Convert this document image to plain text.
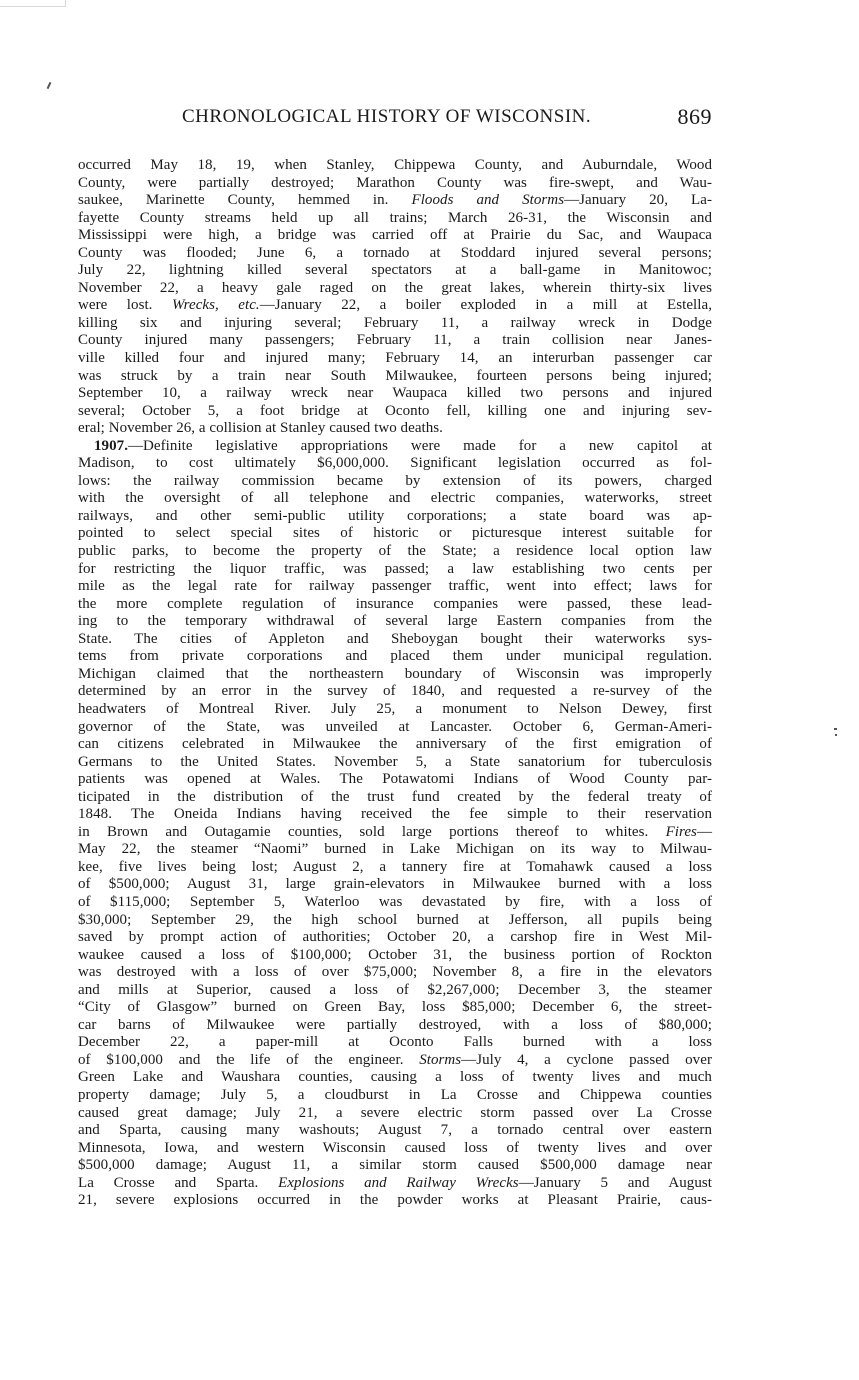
CHRONOLOGICAL HISTORY OF WISCONSIN.	869
occurred May 18, 19, when Stanley, Chippewa County, and Auburndale, Wood
County, were partially destroyed; Marathon County was fire-swept, and Wau-
saukee, Marinette County, hemmed in. Floods and Storms—January 20, La-
fayette County streams held up all trains; March 26-31, the Wisconsin and
Mississippi were high, a bridge was carried off at Prairie du Sac, and Waupaca
County was flooded; June 6, a tornado at Stoddard injured several persons;
July 22, lightning killed several spectators at a ball-game in Manitowoc;
November 22, a heavy gale raged on the great lakes, wherein thirty-six lives
were lost. Wrecks, etc.—January 22, a boiler exploded in a mill at Estella,
killing six and injuring several; February 11, a railway wreck in Dodge
County injured many passengers; February 11, a train collision near Janes-
ville killed four and injured many; February 14, an interurban passenger car
was struck by a train near South Milwaukee, fourteen persons being injured;
September 10, a railway wreck near Waupaca killed two persons and injured
several; October 5, a foot bridge at Oconto fell, killing one and injuring sev-
eral; November 26, a collision at Stanley caused two deaths.
1907.—Definite legislative appropriations were made for a new capitol at
Madison, to cost ultimately $6,000,000. Significant legislation occurred as fol-
lows: the railway commission became by extension of its powers, charged
with the oversight of all telephone and electric companies, waterworks, street
railways, and other semi-public utility corporations; a state board was ap-
pointed to select special sites of historic or picturesque interest suitable for
public parks, to become the property of the State; a residence local option law
for restricting the liquor traffic, was passed; a law establishing two cents per
mile as the legal rate for railway passenger traffic, went into effect; laws for
the more complete regulation of insurance companies were passed, these lead-
ing to the temporary withdrawal of several large Eastern companies from the
State. The cities of Appleton and Sheboygan bought their waterworks sys-
tems from private corporations and placed them under municipal regulation.
Michigan claimed that the northeastern boundary of Wisconsin was improperly
determined by an error in the survey of 1840, and requested a re-survey of the
headwaters of Montreal River. July 25, a monument to Nelson Dewey, first
governor of the State, was unveiled at Lancaster. October 6, German-Ameri-
can citizens celebrated in Milwaukee the anniversary of the first emigration of
Germans to the United States. November 5, a State sanatorium for tuberculosis
patients was opened at Wales. The Potawatomi Indians of Wood County par-
ticipated in the distribution of the trust fund created by the federal treaty of
1848. The Oneida Indians having received the fee simple to their reservation
in Brown and Outagamie counties, sold large portions thereof to whites. Fires—
May 22, the steamer “Naomi” burned in Lake Michigan on its way to Milwau-
kee, five lives being lost; August 2, a tannery fire at Tomahawk caused a loss
of $500,000; August 31, large grain-elevators in Milwaukee burned with a loss
of $115,000; September 5, Waterloo was devastated by fire, with a loss of
$30,000; September 29, the high school burned at Jefferson, all pupils being
saved by prompt action of authorities; October 20, a carshop fire in West Mil-
waukee caused a loss of $100,000; October 31, the business portion of Rockton
was destroyed with a loss of over $75,000; November 8, a fire in the elevators
and mills at Superior, caused a loss of $2,267,000; December 3, the steamer
“City of Glasgow” burned on Green Bay, loss $85,000; December 6, the street-
car barns of Milwaukee were partially destroyed, with a loss of $80,000;
December 22, a paper-mill at Oconto Falls burned with a loss
of $100,000 and the life of the engineer. Storms—July 4, a cyclone passed over
Green Lake and Waushara counties, causing a loss of twenty lives and much
property damage; July 5, a cloudburst in La Crosse and Chippewa counties
caused great damage; July 21, a severe electric storm passed over La Crosse
and Sparta, causing many washouts; August 7, a tornado central over eastern
Minnesota, Iowa, and western Wisconsin caused loss of twenty lives and over
$500,000 damage; August 11, a similar storm caused $500,000 damage near
La Crosse and Sparta. Explosions and Railway Wrecks—January 5 and August
21, severe explosions occurred in the powder works at Pleasant Prairie, caus-
